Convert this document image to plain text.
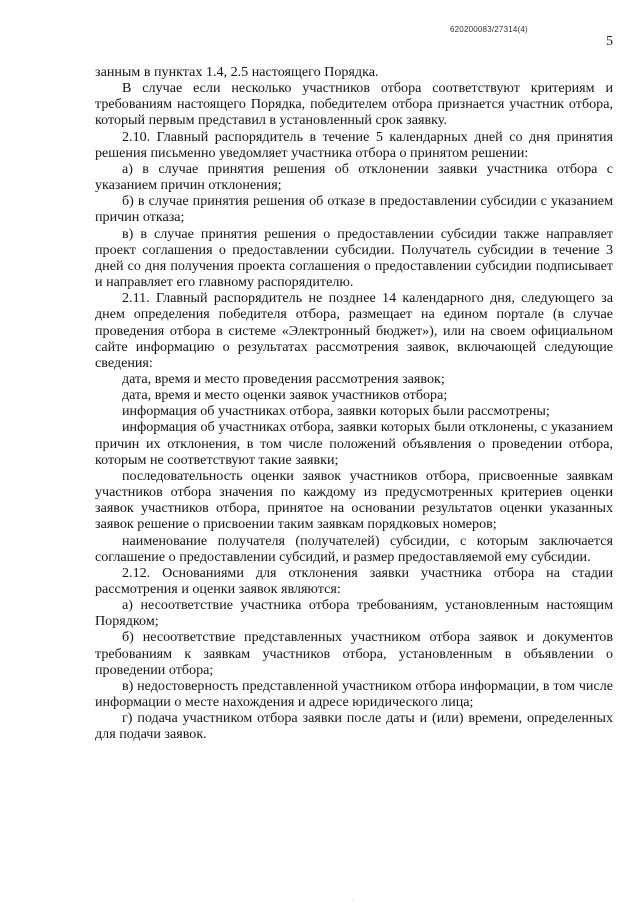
620200083/27314(4)
5

занным в пунктах 1.4, 2.5 настоящего Порядка.

В случае если несколько участников отбора соответствуют критериям и требованиям настоящего Порядка, победителем отбора признается участник отбора, который первым представил в установленный срок заявку.

2.10. Главный распорядитель в течение 5 календарных дней со дня принятия решения письменно уведомляет участника отбора о принятом решении:

а) в случае принятия решения об отклонении заявки участника отбора с указанием причин отклонения;

б) в случае принятия решения об отказе в предоставлении субсидии с указанием причин отказа;

в) в случае принятия решения о предоставлении субсидии также направляет проект соглашения о предоставлении субсидии. Получатель субсидии в течение 3 дней со дня получения проекта соглашения о предоставлении субсидии подписывает и направляет его главному распорядителю.

2.11. Главный распорядитель не позднее 14 календарного дня, следующего за днем определения победителя отбора, размещает на едином портале (в случае проведения отбора в системе «Электронный бюджет»), или на своем официальном сайте информацию о результатах рассмотрения заявок, включающей следующие сведения:

дата, время и место проведения рассмотрения заявок;

дата, время и место оценки заявок участников отбора;

информация об участниках отбора, заявки которых были рассмотрены;

информация об участниках отбора, заявки которых были отклонены, с указанием причин их отклонения, в том числе положений объявления о проведении отбора, которым не соответствуют такие заявки;

последовательность оценки заявок участников отбора, присвоенные заявкам участников отбора значения по каждому из предусмотренных критериев оценки заявок участников отбора, принятое на основании результатов оценки указанных заявок решение о присвоении таким заявкам порядковых номеров;

наименование получателя (получателей) субсидии, с которым заключается соглашение о предоставлении субсидий, и размер предоставляемой ему субсидии.

2.12. Основаниями для отклонения заявки участника отбора на стадии рассмотрения и оценки заявок являются:

а) несоответствие участника отбора требованиям, установленным настоящим Порядком;

б) несоответствие представленных участником отбора заявок и документов требованиям к заявкам участников отбора, установленным в объявлении о проведении отбора;

в) недостоверность представленной участником отбора информации, в том числе информации о месте нахождения и адресе юридического лица;

г) подача участником отбора заявки после даты и (или) времени, определенных для подачи заявок.

·
